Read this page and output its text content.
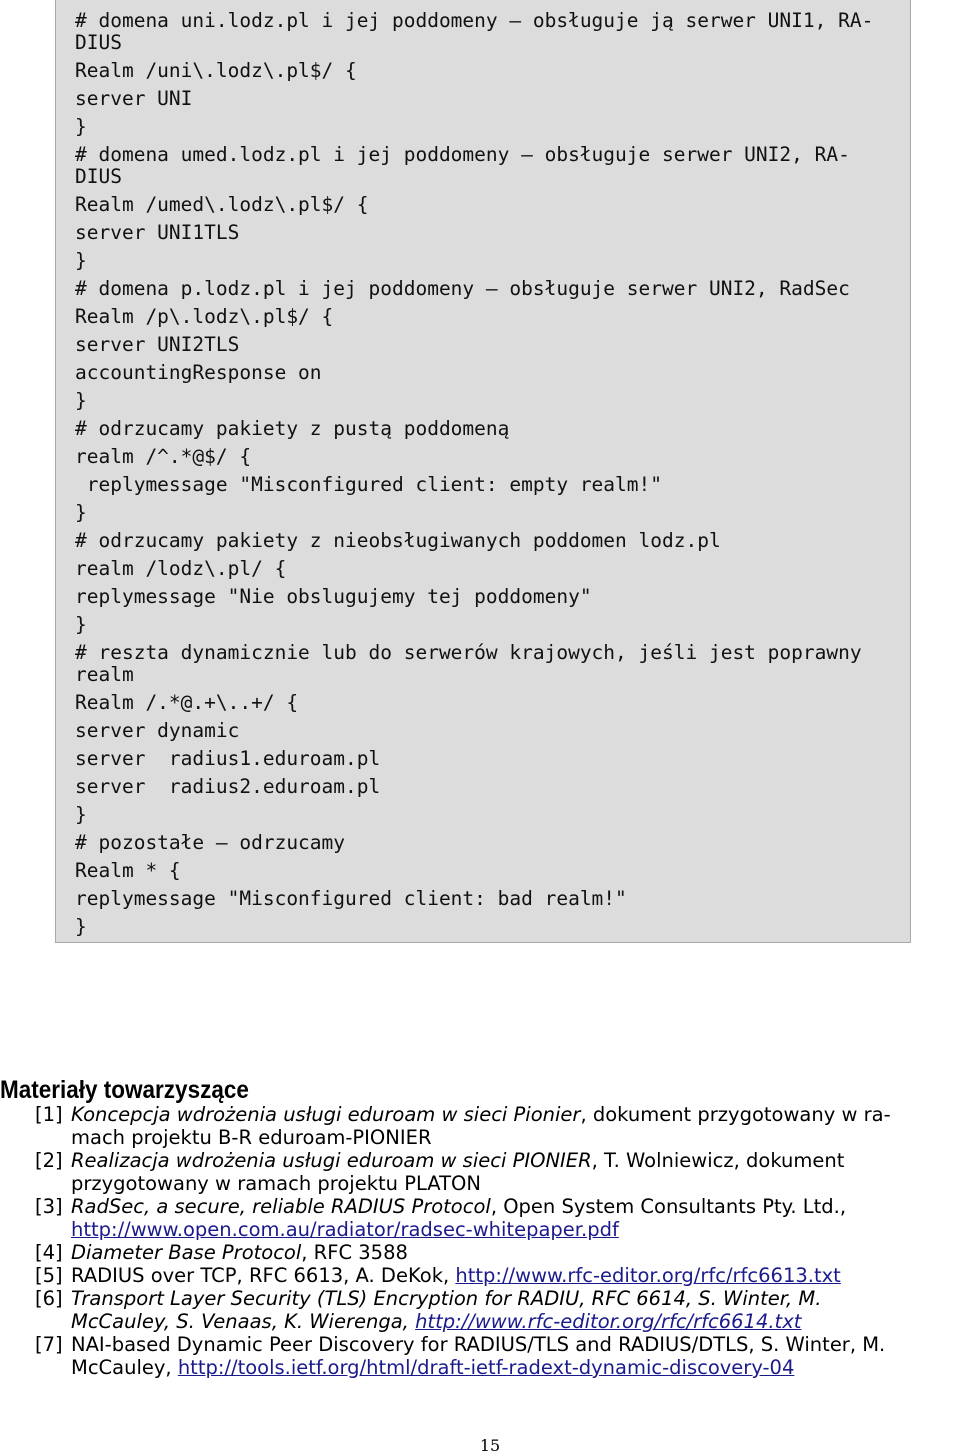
# domena uni.lodz.pl i jej poddomeny – obsługuje ją serwer UNI1, RA-
DIUS
Realm /uni\.lodz\.pl$/ {
server UNI
}
# domena umed.lodz.pl i jej poddomeny – obsługuje serwer UNI2, RA-
DIUS
Realm /umed\.lodz\.pl$/ {
server UNI1TLS
}
# domena p.lodz.pl i jej poddomeny – obsługuje serwer UNI2, RadSec
Realm /p\.lodz\.pl$/ {
server UNI2TLS
accountingResponse on
}
# odrzucamy pakiety z pustą poddomeną
realm /^.*@$/ {
replymessage "Misconfigured client: empty realm!"
}
# odrzucamy pakiety z nieobsługiwanych poddomen lodz.pl
realm /lodz\.pl/ {
replymessage "Nie obslugujemy tej poddomeny"
}
# reszta dynamicznie lub do serwerów krajowych, jeśli jest poprawny
realm
Realm /.*@.+\..+/ {
server dynamic
server  radius1.eduroam.pl
server  radius2.eduroam.pl
}
# pozostałe – odrzucamy
Realm * {
replymessage "Misconfigured client: bad realm!"
}
Materiały towarzyszące
[1] Koncepcja wdrożenia usługi eduroam w sieci Pionier, dokument przygotowany w ra-
mach projektu B-R eduroam-PIONIER
[2] Realizacja wdrożenia usługi eduroam w sieci PIONIER, T. Wolniewicz, dokument
przygotowany w ramach projektu PLATON
[3] RadSec, a secure, reliable RADIUS Protocol, Open System Consultants Pty. Ltd.,
http://www.open.com.au/radiator/radsec-whitepaper.pdf
[4] Diameter Base Protocol, RFC 3588
[5] RADIUS over TCP, RFC 6613, A. DeKok, http://www.rfc-editor.org/rfc/rfc6613.txt
[6] Transport Layer Security (TLS) Encryption for RADIU, RFC 6614, S. Winter, M.
McCauley, S. Venaas, K. Wierenga, http://www.rfc-editor.org/rfc/rfc6614.txt
[7] NAI-based Dynamic Peer Discovery for RADIUS/TLS and RADIUS/DTLS, S. Winter, M.
McCauley, http://tools.ietf.org/html/draft-ietf-radext-dynamic-discovery-04
15
